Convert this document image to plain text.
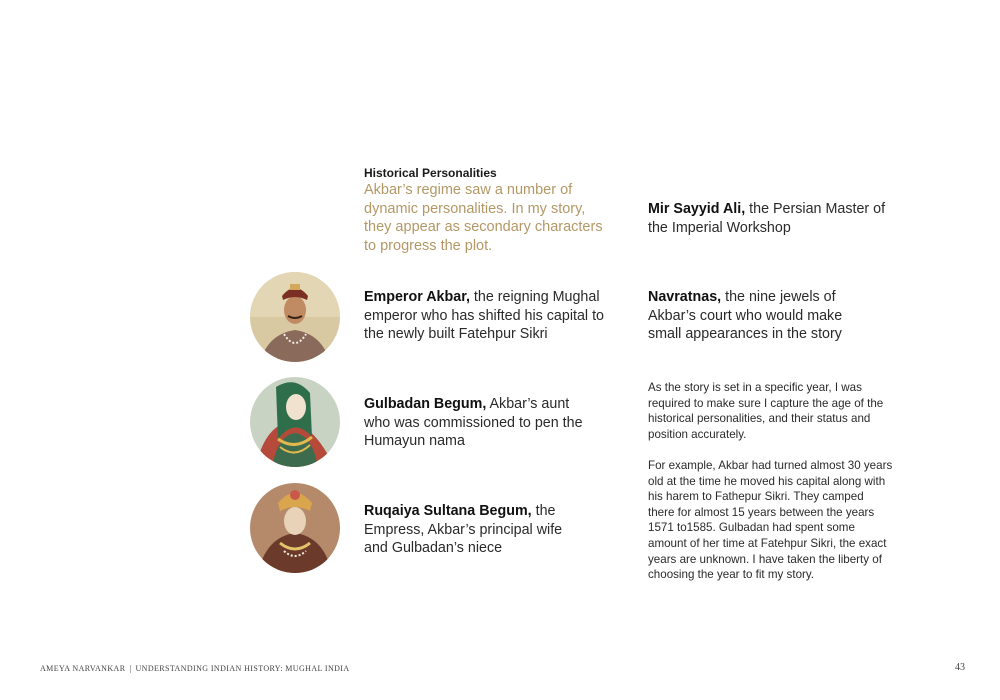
Historical Personalities
Akbar’s regime saw a number of dynamic personalities. In my story, they appear as secondary characters to progress the plot.
Emperor Akbar, the reigning Mughal emperor who has shifted his capital to the newly built Fatehpur Sikri
Gulbadan Begum, Akbar’s aunt who was commissioned to pen the Humayun nama
Ruqaiya Sultana Begum, the Empress, Akbar’s principal wife and Gulbadan’s niece
Mir Sayyid Ali, the Persian Master of the Imperial Workshop
Navratnas, the nine jewels of Akbar’s court who would make small appearances in the story
As the story is set in a specific year, I was required to make sure I capture the age of the historical personalities, and their status and position accurately.
For example, Akbar had turned almost 30 years old at the time he moved his capital along with his harem to Fathepur Sikri. They camped there for almost 15 years between the years 1571 to1585. Gulbadan had spent some amount of her time at Fatehpur Sikri, the exact years are unknown. I have taken the liberty of choosing the year to fit my story.
AMEYA NARVANKAR | UNDERSTANDING INDIAN HISTORY: MUGHAL INDIA	43
